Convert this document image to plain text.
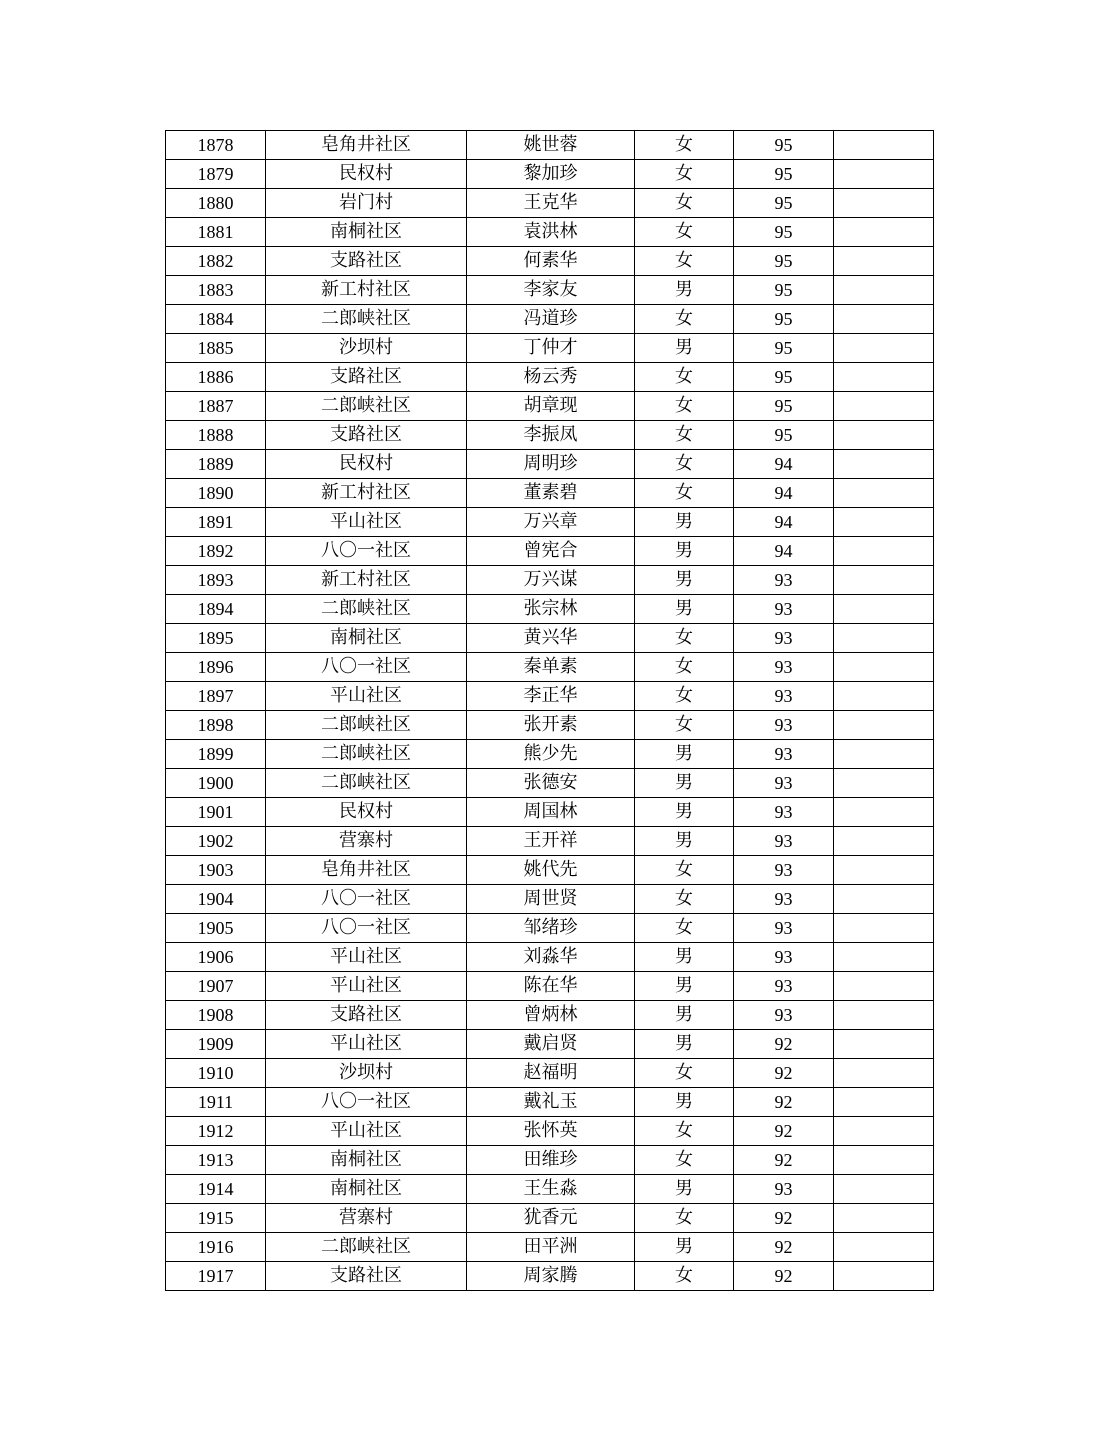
1878	皂角井社区	姚世蓉	女	95	
1879	民权村	黎加珍	女	95	
1880	岩门村	王克华	女	95	
1881	南桐社区	袁洪林	女	95	
1882	支路社区	何素华	女	95	
1883	新工村社区	李家友	男	95	
1884	二郎峡社区	冯道珍	女	95	
1885	沙坝村	丁仲才	男	95	
1886	支路社区	杨云秀	女	95	
1887	二郎峡社区	胡章现	女	95	
1888	支路社区	李振凤	女	95	
1889	民权村	周明珍	女	94	
1890	新工村社区	董素碧	女	94	
1891	平山社区	万兴章	男	94	
1892	八〇一社区	曾宪合	男	94	
1893	新工村社区	万兴谋	男	93	
1894	二郎峡社区	张宗林	男	93	
1895	南桐社区	黄兴华	女	93	
1896	八〇一社区	秦单素	女	93	
1897	平山社区	李正华	女	93	
1898	二郎峡社区	张开素	女	93	
1899	二郎峡社区	熊少先	男	93	
1900	二郎峡社区	张德安	男	93	
1901	民权村	周国林	男	93	
1902	营寨村	王开祥	男	93	
1903	皂角井社区	姚代先	女	93	
1904	八〇一社区	周世贤	女	93	
1905	八〇一社区	邹绪珍	女	93	
1906	平山社区	刘淼华	男	93	
1907	平山社区	陈在华	男	93	
1908	支路社区	曾炳林	男	93	
1909	平山社区	戴启贤	男	92	
1910	沙坝村	赵福明	女	92	
1911	八〇一社区	戴礼玉	男	92	
1912	平山社区	张怀英	女	92	
1913	南桐社区	田维珍	女	92	
1914	南桐社区	王生淼	男	93	
1915	营寨村	犹香元	女	92	
1916	二郎峡社区	田平洲	男	92	
1917	支路社区	周家腾	女	92	
